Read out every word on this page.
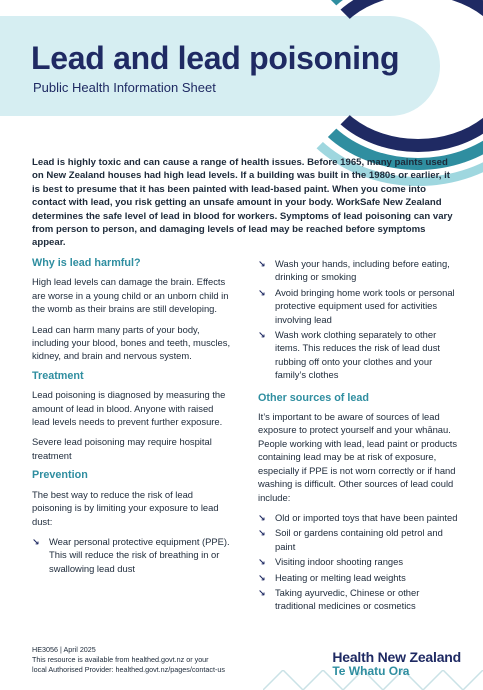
Lead and lead poisoning
Public Health Information Sheet

Lead is highly toxic and can cause a range of health issues. Before 1965, many paints used on New Zealand houses had high lead levels. If a building was built in the 1980s or earlier, it is best to presume that it has been painted with lead-based paint. When you come into contact with lead, you risk getting an unsafe amount in your body. WorkSafe New Zealand determines the safe level of lead in blood for workers. Symptoms of lead poisoning can vary from person to person, and damaging levels of lead may be reached before symptoms appear.

Why is lead harmful?

High lead levels can damage the brain. Effects are worse in a young child or an unborn child in the womb as their brains are still developing.

Lead can harm many parts of your body, including your blood, bones and teeth, muscles, kidney, and brain and nervous system.

Treatment

Lead poisoning is diagnosed by measuring the amount of lead in blood. Anyone with raised lead levels needs to prevent further exposure.

Severe lead poisoning may require hospital treatment

Prevention

The best way to reduce the risk of lead poisoning is by limiting your exposure to lead dust:

↘ Wear personal protective equipment (PPE). This will reduce the risk of breathing in or swallowing lead dust
↘ Wash your hands, including before eating, drinking or smoking
↘ Avoid bringing home work tools or personal protective equipment used for activities involving lead
↘ Wash work clothing separately to other items. This reduces the risk of lead dust rubbing off onto your clothes and your family’s clothes
Other sources of lead

It’s important to be aware of sources of lead exposure to protect yourself and your whānau. People working with lead, lead paint or products containing lead may be at risk of exposure, especially if PPE is not worn correctly or if hand washing is difficult. Other sources of lead could include:

↘ Old or imported toys that have been painted
↘ Soil or gardens containing old petrol and paint
↘ Visiting indoor shooting ranges
↘ Heating or melting lead weights
↘ Taking ayurvedic, Chinese or other traditional medicines or cosmetics
HE3056 | April 2025
This resource is available from healthed.govt.nz or your
local Authorised Provider: healthed.govt.nz/pages/contact-us
Health New Zealand
Te Whatu Ora
